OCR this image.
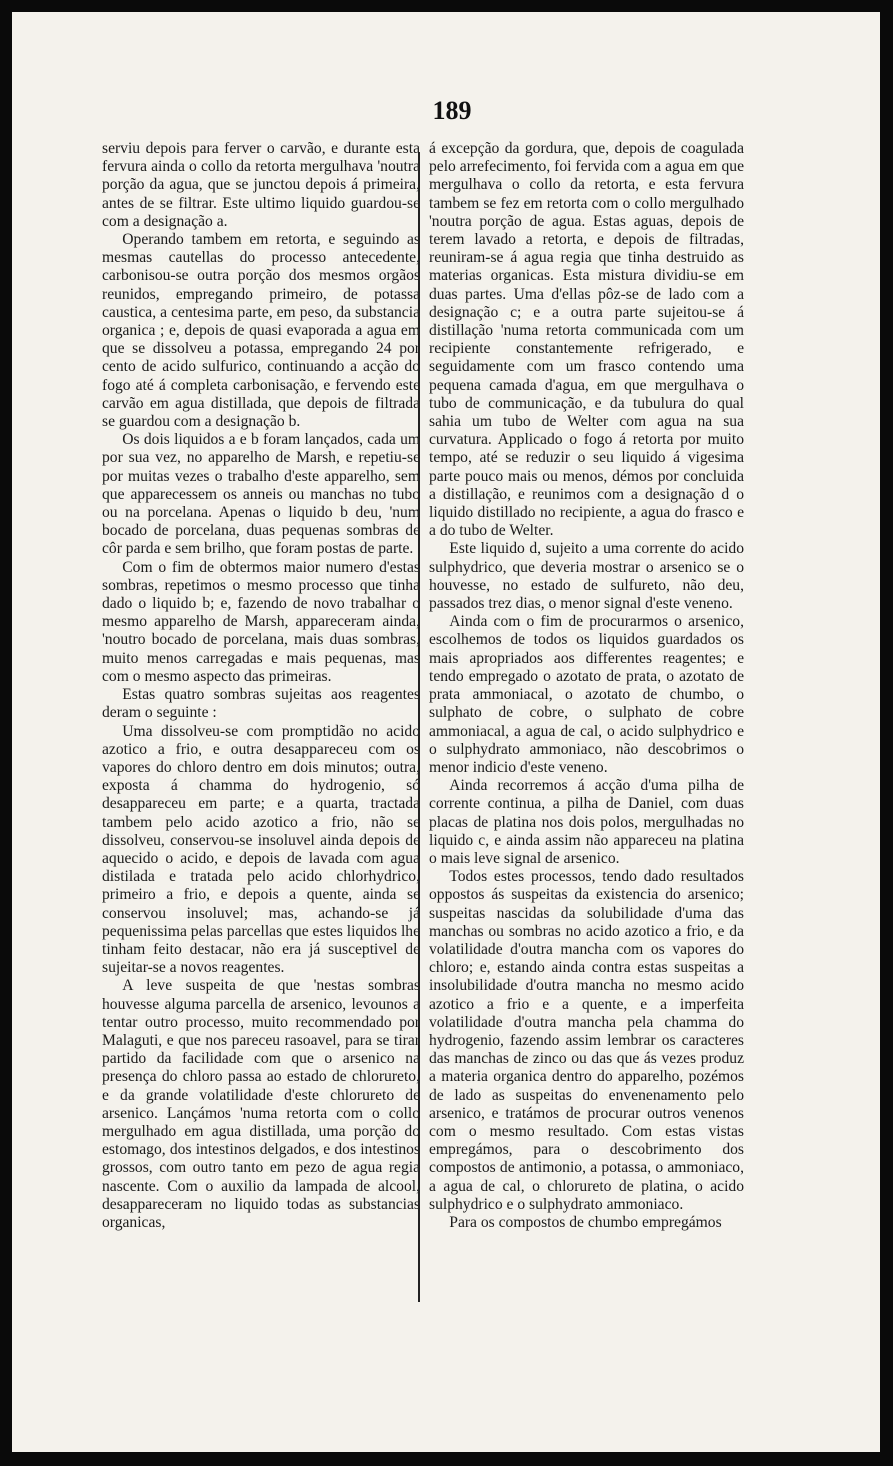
189

serviu depois para ferver o carvão, e durante esta fervura ainda o collo da retorta mergulhava 'noutra porção da agua, que se junctou depois á primeira, antes de se filtrar. Este ultimo liquido guardou-se com a designação a.

Operando tambem em retorta, e seguindo as mesmas cautellas do processo antecedente, carbonisou-se outra porção dos mesmos orgãos reunidos, empregando primeiro, de potassa caustica, a centesima parte, em peso, da substancia organica ; e, depois de quasi evaporada a agua em que se dissolveu a potassa, empregando 24 por cento de acido sulfurico, continuando a acção do fogo até á completa carbonisação, e fervendo este carvão em agua distillada, que depois de filtrada se guardou com a designação b.

Os dois liquidos a e b foram lançados, cada um por sua vez, no apparelho de Marsh, e repetiu-se por muitas vezes o trabalho d'este apparelho, sem que apparecessem os anneis ou manchas no tubo ou na porcelana. Apenas o liquido b deu, 'num bocado de porcelana, duas pequenas sombras de côr parda e sem brilho, que foram postas de parte.

Com o fim de obtermos maior numero d'estas sombras, repetimos o mesmo processo que tinha dado o liquido b; e, fazendo de novo trabalhar o mesmo apparelho de Marsh, appareceram ainda, 'noutro bocado de porcelana, mais duas sombras, muito menos carregadas e mais pequenas, mas com o mesmo aspecto das primeiras.

Estas quatro sombras sujeitas aos reagentes deram o seguinte :

Uma dissolveu-se com promptidão no acido azotico a frio, e outra desappareceu com os vapores do chloro dentro em dois minutos; outra, exposta á chamma do hydrogenio, só desappareceu em parte; e a quarta, tractada tambem pelo acido azotico a frio, não se dissolveu, conservou-se insoluvel ainda depois de aquecido o acido, e depois de lavada com agua distilada e tratada pelo acido chlorhydrico, primeiro a frio, e depois a quente, ainda se conservou insoluvel; mas, achando-se já pequenissima pelas parcellas que estes liquidos lhe tinham feito destacar, não era já susceptivel de sujeitar-se a novos reagentes.

A leve suspeita de que 'nestas sombras houvesse alguma parcella de arsenico, levounos a tentar outro processo, muito recommendado por Malaguti, e que nos pareceu rasoavel, para se tirar partido da facilidade com que o arsenico na presença do chloro passa ao estado de chlorureto, e da grande volatilidade d'este chlorureto de arsenico. Lançámos 'numa retorta com o collo mergulhado em agua distillada, uma porção do estomago, dos intestinos delgados, e dos intestinos grossos, com outro tanto em pezo de agua regia nascente. Com o auxilio da lampada de alcool, desappareceram no liquido todas as substancias organicas,

á excepção da gordura, que, depois de coagulada pelo arrefecimento, foi fervida com a agua em que mergulhava o collo da retorta, e esta fervura tambem se fez em retorta com o collo mergulhado 'noutra porção de agua. Estas aguas, depois de terem lavado a retorta, e depois de filtradas, reuniram-se á agua regia que tinha destruido as materias organicas. Esta mistura dividiu-se em duas partes. Uma d'ellas pôz-se de lado com a designação c; e a outra parte sujeitou-se á distillação 'numa retorta communicada com um recipiente constantemente refrigerado, e seguidamente com um frasco contendo uma pequena camada d'agua, em que mergulhava o tubo de communicação, e da tubulura do qual sahia um tubo de Welter com agua na sua curvatura. Applicado o fogo á retorta por muito tempo, até se reduzir o seu liquido á vigesima parte pouco mais ou menos, démos por concluida a distillação, e reunimos com a designação d o liquido distillado no recipiente, a agua do frasco e a do tubo de Welter.

Este liquido d, sujeito a uma corrente do acido sulphydrico, que deveria mostrar o arsenico se o houvesse, no estado de sulfureto, não deu, passados trez dias, o menor signal d'este veneno.

Ainda com o fim de procurarmos o arsenico, escolhemos de todos os liquidos guardados os mais apropriados aos differentes reagentes; e tendo empregado o azotato de prata, o azotato de prata ammoniacal, o azotato de chumbo, o sulphato de cobre, o sulphato de cobre ammoniacal, a agua de cal, o acido sulphydrico e o sulphydrato ammoniaco, não descobrimos o menor indicio d'este veneno.

Ainda recorremos á acção d'uma pilha de corrente continua, a pilha de Daniel, com duas placas de platina nos dois polos, mergulhadas no liquido c, e ainda assim não appareceu na platina o mais leve signal de arsenico.

Todos estes processos, tendo dado resultados oppostos ás suspeitas da existencia do arsenico; suspeitas nascidas da solubilidade d'uma das manchas ou sombras no acido azotico a frio, e da volatilidade d'outra mancha com os vapores do chloro; e, estando ainda contra estas suspeitas a insolubilidade d'outra mancha no mesmo acido azotico a frio e a quente, e a imperfeita volatilidade d'outra mancha pela chamma do hydrogenio, fazendo assim lembrar os caracteres das manchas de zinco ou das que ás vezes produz a materia organica dentro do apparelho, pozémos de lado as suspeitas do envenenamento pelo arsenico, e tratámos de procurar outros venenos com o mesmo resultado. Com estas vistas empregámos, para o descobrimento dos compostos de antimonio, a potassa, o ammoniaco, a agua de cal, o chlorureto de platina, o acido sulphydrico e o sulphydrato ammoniaco.

Para os compostos de chumbo empregámos
